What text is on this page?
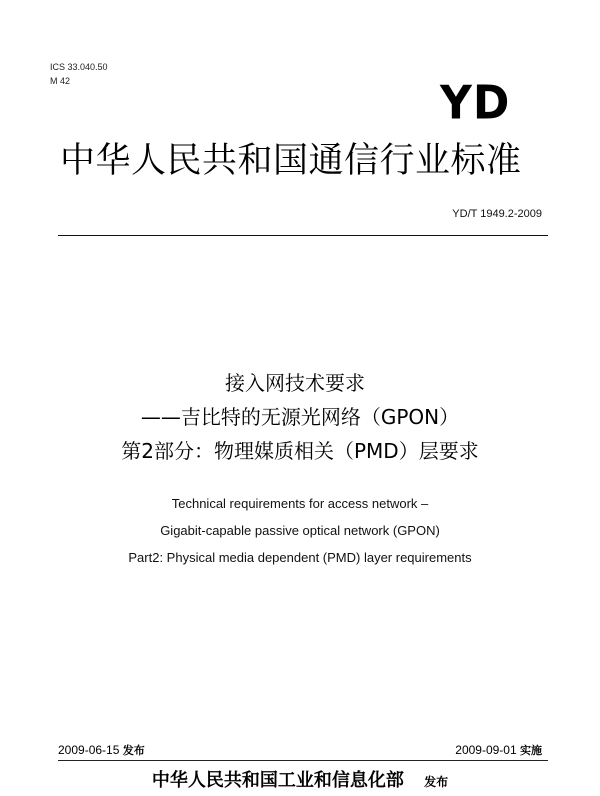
ICS 33.040.50
M 42	YD
中华人民共和国通信行业标准
YD/T 1949.2-2009
接入网技术要求
——吉比特的无源光网络（GPON）
第2部分：物理媒质相关（PMD）层要求
Technical requirements for access network –
Gigabit-capable passive optical network (GPON)
Part2: Physical media dependent (PMD) layer requirements
2009-06-15 发布	2009-09-01 实施
中华人民共和国工业和信息化部 发布
